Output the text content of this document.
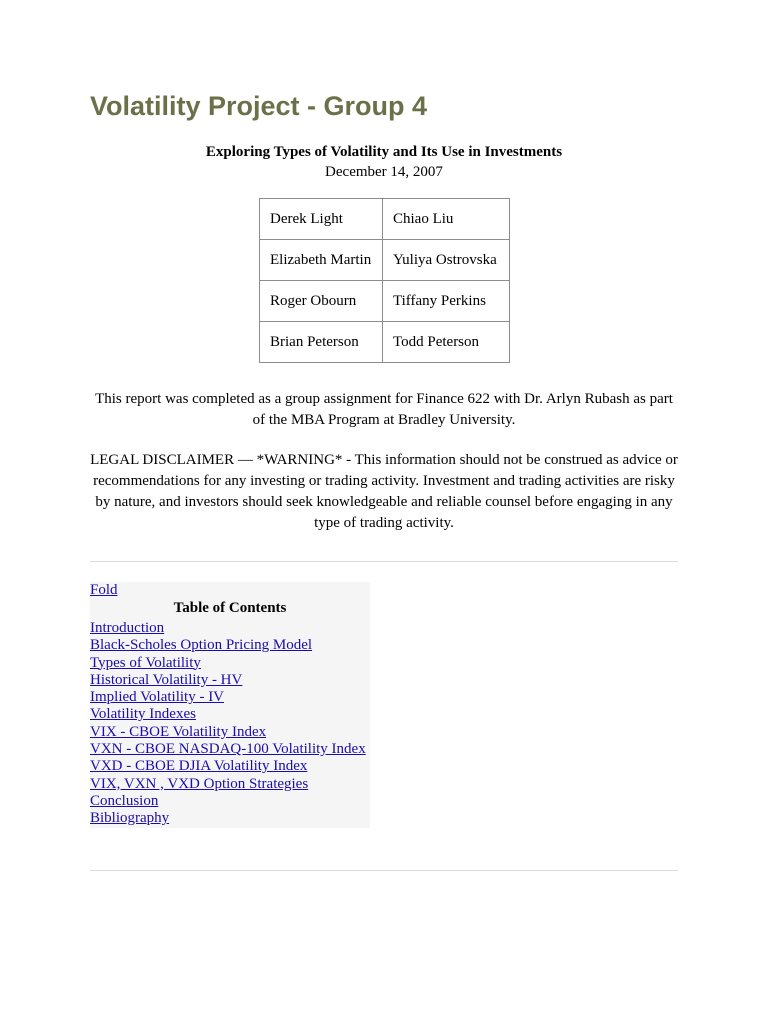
Volatility Project - Group 4
Exploring Types of Volatility and Its Use in Investments
December 14, 2007
Derek Light	Chiao Liu
Elizabeth Martin	Yuliya Ostrovska
Roger Obourn	Tiffany Perkins
Brian Peterson	Todd Peterson

This report was completed as a group assignment for Finance 622 with Dr. Arlyn Rubash as part of the MBA Program at Bradley University.

LEGAL DISCLAIMER — *WARNING* - This information should not be construed as advice or recommendations for any investing or trading activity. Investment and trading activities are risky by nature, and investors should seek knowledgeable and reliable counsel before engaging in any type of trading activity.

Fold
Table of Contents
Introduction
Black-Scholes Option Pricing Model
Types of Volatility
Historical Volatility - HV
Implied Volatility - IV
Volatility Indexes
VIX - CBOE Volatility Index
VXN - CBOE NASDAQ-100 Volatility Index
VXD - CBOE DJIA Volatility Index
VIX, VXN , VXD Option Strategies
Conclusion
Bibliography
